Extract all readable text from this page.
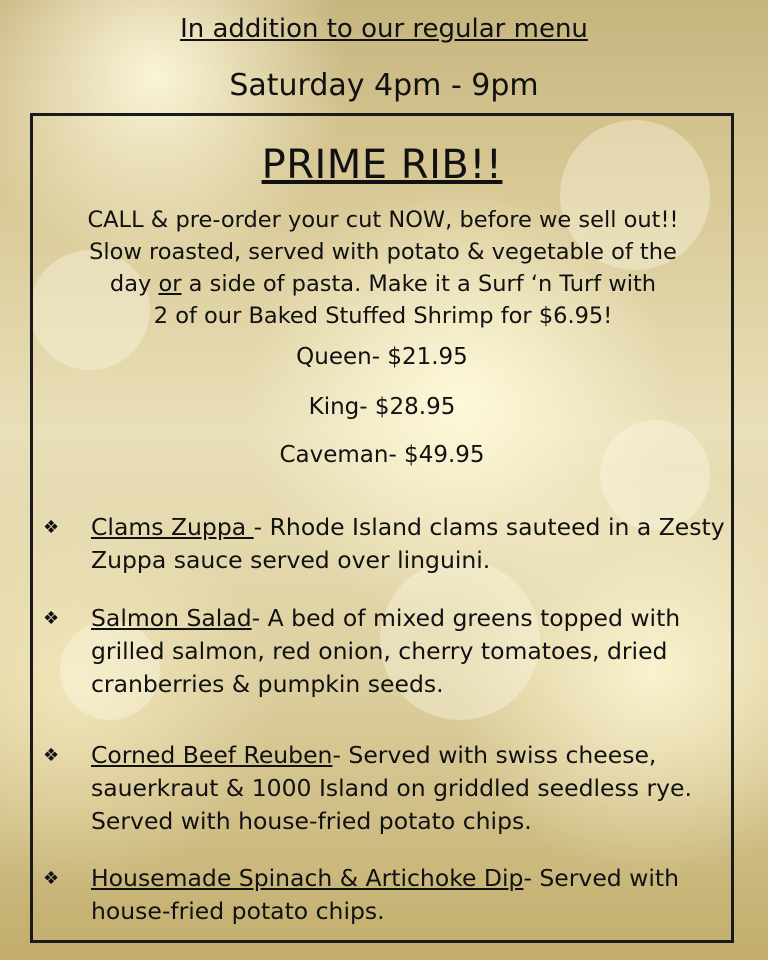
In addition to our regular menu
Saturday 4pm - 9pm
PRIME RIB!!
CALL & pre-order your cut NOW, before we sell out!!
Slow roasted, served with potato & vegetable of the
day or a side of pasta. Make it a Surf ‘n Turf with
2 of our Baked Stuffed Shrimp for $6.95!
Queen- $21.95
King- $28.95
Caveman- $49.95
❖	Clams Zuppa - Rhode Island clams sauteed in a Zesty Zuppa sauce served over linguini.
❖	Salmon Salad- A bed of mixed greens topped with grilled salmon, red onion, cherry tomatoes, dried cranberries & pumpkin seeds.
❖	Corned Beef Reuben- Served with swiss cheese, sauerkraut & 1000 Island on griddled seedless rye. Served with house-fried potato chips.
❖	Housemade Spinach & Artichoke Dip- Served with house-fried potato chips.
